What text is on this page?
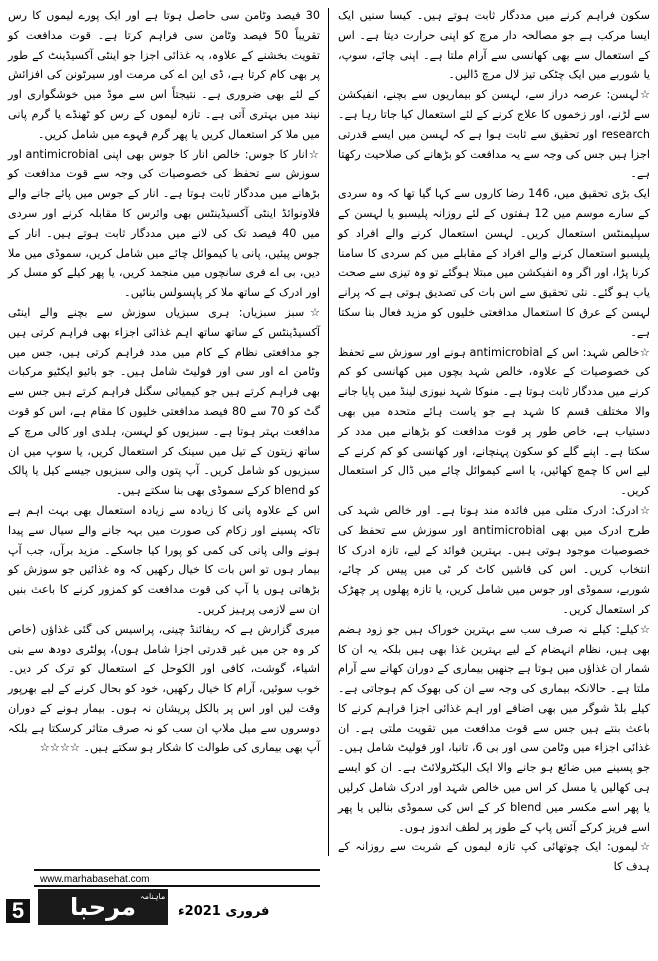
سکون فراہم کرنے میں مددگار ثابت ہوتے ہیں۔ کیسا سنیں ایک ایسا مرکب ہے جو مصالحہ دار مرچ کو اپنی حرارت دیتا ہے۔ اس کے استعمال سے بھی کھانسی سے آرام ملتا ہے۔ اپنی چائے، سوپ، یا شوربے میں ایک چٹکی تیز لال مرچ ڈالیں۔

☆لہسن: عرصہ دراز سے، لہسن کو بیماریوں سے بچنے، انفیکشن سے لڑنے، اور زخموں کا علاج کرنے کے لئے استعمال کیا جاتا رہا ہے۔ research اور تحقیق سے ثابت ہوا ہے کہ لہسن میں ایسے قدرتی اجزا ہیں جس کی وجہ سے یہ مدافعت کو بڑھانے کی صلاحیت رکھتا ہے۔

ایک بڑی تحقیق میں، 146 رضا کاروں سے کہا گیا تھا کہ وہ سردی کے سارے موسم میں 12 ہفتوں کے لئے روزانہ پلیسبو یا لہسن کے سپلیمنٹس استعمال کریں۔ لہسن استعمال کرنے والے افراد کو پلیسبو استعمال کرنے والے افراد کے مقابلے میں کم سردی کا سامنا کرنا پڑا، اور اگر وہ انفیکشن میں مبتلا ہوگئے تو وہ تیزی سے صحت یاب ہو گئے۔ نئی تحقیق سے اس بات کی تصدیق ہوتی ہے کہ پرانے لہسن کے عرق کا استعمال مدافعتی خلیوں کو مزید فعال بنا سکتا ہے۔

☆خالص شہد: اس کے antimicrobial ہونے اور سوزش سے تحفظ کی خصوصیات کے علاوہ، خالص شہد بچوں میں کھانسی کو کم کرنے میں مددگار ثابت ہوتا ہے۔ منوکا شہد نیوزی لینڈ میں پایا جانے والا مختلف قسم کا شہد ہے جو یاست ہائے متحدہ میں بھی دستیاب ہے، خاص طور پر قوت مدافعت کو بڑھانے میں مدد کر سکتا ہے۔ اپنے گلے کو سکون پہنچانے، اور کھانسی کو کم کرنے کے لیے اس کا چمچ کھائیں، یا اسے کیموائل چائے میں ڈال کر استعمال کریں۔

☆ادرک: ادرک متلی میں فائدہ مند ہوتا ہے۔ اور خالص شہد کی طرح ادرک میں بھی antimicrobial اور سوزش سے تحفظ کی خصوصیات موجود ہوتی ہیں۔ بہترین فوائد کے لیے، تازہ ادرک کا انتخاب کریں۔ اس کی قاشیں کاٹ کر ٹی میں پیس کر چائے، شوربے، سموڈی اور جوس میں شامل کریں، یا تازہ پھلوں پر چھڑک کر استعمال کریں۔

☆کیلے: کیلے نہ صرف سب سے بہترین خوراک ہیں جو زود ہضم بھی ہیں، نظام انہضام کے لیے بہترین غذا بھی ہیں بلکہ یہ ان کا شمار ان غذاؤں میں ہوتا ہے جنھیں بیماری کے دوران کھانے سے آرام ملتا ہے۔ حالانکہ بیماری کی وجہ سے ان کی بھوک کم ہوجاتی ہے۔ کیلے بلڈ شوگر میں بھی اضافے اور اہم غذائی اجزا فراہم کرنے کا باعث بنتے ہیں جس سے قوت مدافعت میں تقویت ملتی ہے۔ ان غذائی اجزاء میں وٹامن سی اور بی 6، تانبا، اور فولیٹ شامل ہیں۔ جو پسینے میں ضائع ہو جانے والا ایک الیکٹرولائٹ ہے۔ ان کو ایسے ہی کھالیں یا مسل کر اس میں خالص شہد اور ادرک شامل کرلیں یا پھر اسے مکسر میں blend کر کے اس کی سموڈی بنالیں یا پھر اسے فریز کرکے آئس پاپ کے طور پر لطف اندوز ہوں۔

☆لیموں: ایک چوتھائی کپ تازہ لیموں کے شربت سے روزانہ کے ہدف کا

30 فیصد وٹامن سی حاصل ہوتا ہے اور ایک پورے لیموں کا رس تقریباً 50 فیصد وٹامن سی فراہم کرتا ہے۔ قوت مدافعت کو تقویت بخشنے کے علاوہ، یہ غذائی اجزا جو اینٹی آکسیڈینٹ کے طور پر بھی کام کرتا ہے، ڈی این اے کی مرمت اور سیرٹونن کی افزائش کے لئے بھی ضروری ہے۔ نتیجتاً اس سے موڈ میں خوشگواری اور نیند میں بہتری آتی ہے۔ تازہ لیموں کے رس کو ٹھنڈے یا گرم پانی میں ملا کر استعمال کریں یا پھر گرم قہوے میں شامل کریں۔

☆انار کا جوس: خالص انار کا جوس بھی اپنی antimicrobial اور سوزش سے تحفظ کی خصوصیات کی وجہ سے قوت مدافعت کو بڑھانے میں مددگار ثابت ہوتا ہے۔ انار کے جوس میں پائے جانے والے فلاونوائڈ اینٹی آکسیڈینٹس بھی وائرس کا مقابلہ کرنے اور سردی میں 40 فیصد تک کی لانے میں مددگار ثابت ہوتے ہیں۔ انار کے جوس پیئیں، پانی یا کیموائل چائے میں شامل کریں، سموڈی میں ملا دیں، بی اے فری سانچوں میں منجمد کریں، یا پھر کیلے کو مسل کر اور ادرک کے ساتھ ملا کر پاپسولس بنائیں۔

☆سبز سبزیاں: ہری سبزیاں سوزش سے بچنے والے اینٹی آکسیڈینٹس کے ساتھ ساتھ اہم غذائی اجزاء بھی فراہم کرتی ہیں جو مدافعتی نظام کے کام میں مدد فراہم کرتی ہیں، جس میں وٹامن اے اور سی اور فولیٹ شامل ہیں۔ جو بائیو ایکٹیو مرکبات بھی فراہم کرتے ہیں جو کیمیائی سگنل فراہم کرتے ہیں جس سے گٹ کو 70 سے 80 فیصد مدافعتی خلیوں کا مقام ہے، اس کو قوت مدافعت بہتر ہوتا ہے۔ سبزیوں کو لہسن، ہلدی اور کالی مرچ کے ساتھ زیتون کے تیل میں سینک کر استعمال کریں، یا سوپ میں ان سبزیوں کو شامل کریں۔ آپ پتوں والی سبزیوں جیسے کیل یا پالک کو blend کرکے سموڈی بھی بنا سکتے ہیں۔

اس کے علاوہ پانی کا زیادہ سے زیادہ استعمال بھی بہت اہم ہے تاکہ پسینے اور زکام کی صورت میں بہہ جانے والے سیال سے پیدا ہونے والی پانی کی کمی کو پورا کیا جاسکے۔ مزید برآں، جب آپ بیمار ہوں تو اس بات کا خیال رکھیں کہ وہ غذائیں جو سوزش کو بڑھاتی ہوں یا آپ کی قوت مدافعت کو کمزور کرنے کا باعث بنیں ان سے لازمی پرہیز کریں۔

میری گزارش ہے کہ ریفائنڈ چینی، پراسیس کی گئی غذاؤں (خاص کر وہ جن میں غیر قدرتی اجزا شامل ہوں)، پولٹری دودھ سے بنی اشیاء، گوشت، کافی اور الکوحل کے استعمال کو ترک کر دیں۔ خوب سوئیں، آرام کا خیال رکھیں، خود کو بحال کرنے کے لیے بھرپور وقت لیں اور اس پر بالکل پریشان نہ ہوں۔ بیمار ہونے کے دوران دوسروں سے میل ملاپ ان سب کو نہ صرف متاثر کرسکتا ہے بلکہ آپ بھی بیماری کی طوالت کا شکار ہو سکتے ہیں۔ ☆☆☆☆

www.marhabasehat.com
مرحبا صحت
ماہنامہ
فروری 2021ء
5
